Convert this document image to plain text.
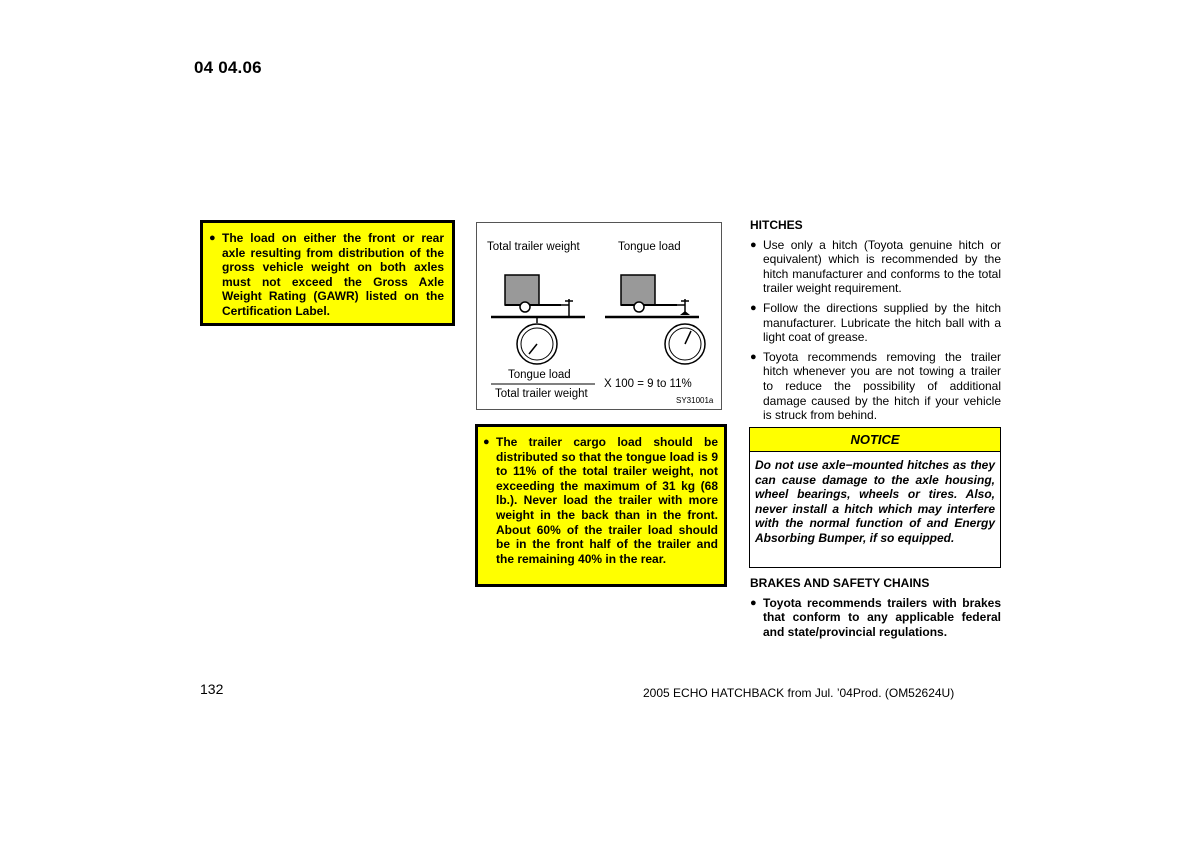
04 04.06
● The load on either the front or rear axle resulting from distribution of the gross vehicle weight on both axles must not exceed the Gross Axle Weight Rating (GAWR) listed on the Certification Label.
Total trailer weight	Tongue load
Tongue load
Total trailer weight
X 100 = 9 to 11%
SY31001a
● The trailer cargo load should be distributed so that the tongue load is 9 to 11% of the total trailer weight, not exceeding the maximum of 31 kg (68 lb.). Never load the trailer with more weight in the back than in the front. About 60% of the trailer load should be in the front half of the trailer and the remaining 40% in the rear.
HITCHES
● Use only a hitch (Toyota genuine hitch or equivalent) which is recommended by the hitch manufacturer and conforms to the total trailer weight requirement.
● Follow the directions supplied by the hitch manufacturer. Lubricate the hitch ball with a light coat of grease.
● Toyota recommends removing the trailer hitch whenever you are not towing a trailer to reduce the possibility of additional damage caused by the hitch if your vehicle is struck from behind.
NOTICE
Do not use axle−mounted hitches as they can cause damage to the axle housing, wheel bearings, wheels or tires. Also, never install a hitch which may interfere with the normal function of and Energy Absorbing Bumper, if so equipped.
BRAKES AND SAFETY CHAINS
● Toyota recommends trailers with brakes that conform to any applicable federal and state/provincial regulations.
132	2005 ECHO HATCHBACK from Jul. ’04Prod. (OM52624U)
